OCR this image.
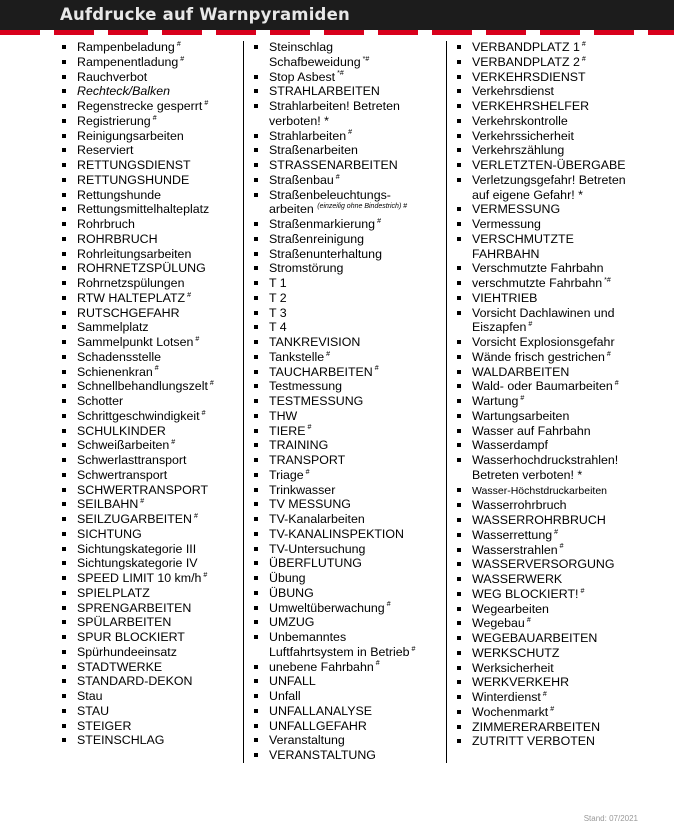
Aufdrucke auf Warnpyramiden
Rampenbeladung #
Rampenentladung #
Rauchverbot
Rechteck/Balken
Regenstrecke gesperrt #
Registrierung #
Reinigungsarbeiten
Reserviert
RETTUNGSDIENST
RETTUNGSHUNDE
Rettungshunde
Rettungsmittelhalteplatz
Rohrbruch
ROHRBRUCH
Rohrleitungsarbeiten
ROHRNETZSPÜLUNG
Rohrnetzspülungen
RTW HALTEPLATZ #
RUTSCHGEFAHR
Sammelplatz
Sammelpunkt Lotsen #
Schadensstelle
Schienenkran #
Schnellbehandlungszelt #
Schotter
Schrittgeschwindigkeit #
SCHULKINDER
Schweißarbeiten #
Schwerlasttransport
Schwertransport
SCHWERTRANSPORT
SEILBAHN #
SEILZUGARBEITEN #
SICHTUNG
Sichtungskategorie III
Sichtungskategorie IV
SPEED LIMIT 10 km/h #
SPIELPLATZ
SPRENGARBEITEN
SPÜLARBEITEN
SPUR BLOCKIERT
Spürhundeeinsatz
STADTWERKE
STANDARD-DEKON
Stau
STAU
STEIGER
STEINSCHLAG
Steinschlag
Schafbeweidung *#
Stop Asbest *#
STRAHLARBEITEN
Strahlarbeiten! Betreten
verboten! *
Strahlarbeiten #
Straßenarbeiten
STRASSENARBEITEN
Straßenbau #
Straßenbeleuchtungs-
arbeiten $^{(einzeilig ohne Bindestrich)}$ #
Straßenmarkierung #
Straßenreinigung
Straßenunterhaltung
Stromstörung
T 1
T 2
T 3
T 4
TANKREVISION
Tankstelle #
TAUCHARBEITEN #
Testmessung
TESTMESSUNG
THW
TIERE #
TRAINING
TRANSPORT
Triage #
Trinkwasser
TV MESSUNG
TV-Kanalarbeiten
TV-KANALINSPEKTION
TV-Untersuchung
ÜBERFLUTUNG
Übung
ÜBUNG
Umweltüberwachung #
UMZUG
Unbemanntes
Luftfahrtsystem in Betrieb #
unebene Fahrbahn #
UNFALL
Unfall
UNFALLANALYSE
UNFALLGEFAHR
Veranstaltung
VERANSTALTUNG
VERBANDPLATZ 1 #
VERBANDPLATZ 2 #
VERKEHRSDIENST
Verkehrsdienst
VERKEHRSHELFER
Verkehrskontrolle
Verkehrssicherheit
Verkehrszählung
VERLETZTEN-ÜBERGABE
Verletzungsgefahr! Betreten
auf eigene Gefahr! *
VERMESSUNG
Vermessung
VERSCHMUTZTE
FAHRBAHN
Verschmutzte Fahrbahn
verschmutzte Fahrbahn *#
VIEHTRIEB
Vorsicht Dachlawinen und
Eiszapfen #
Vorsicht Explosionsgefahr
Wände frisch gestrichen #
WALDARBEITEN
Wald- oder Baumarbeiten #
Wartung #
Wartungsarbeiten
Wasser auf Fahrbahn
Wasserdampf
Wasserhochdruckstrahlen!
Betreten verboten! *
Wasser-Höchstdruckarbeiten
Wasserrohrbruch
WASSERROHRBRUCH
Wasserrettung #
Wasserstrahlen #
WASSERVERSORGUNG
WASSERWERK
WEG BLOCKIERT! #
Wegearbeiten
Wegebau #
WEGEBAUARBEITEN
WERKSCHUTZ
Werksicherheit
WERKVERKEHR
Winterdienst #
Wochenmarkt #
ZIMMERERARBEITEN
ZUTRITT VERBOTEN
Stand: 07/2021
